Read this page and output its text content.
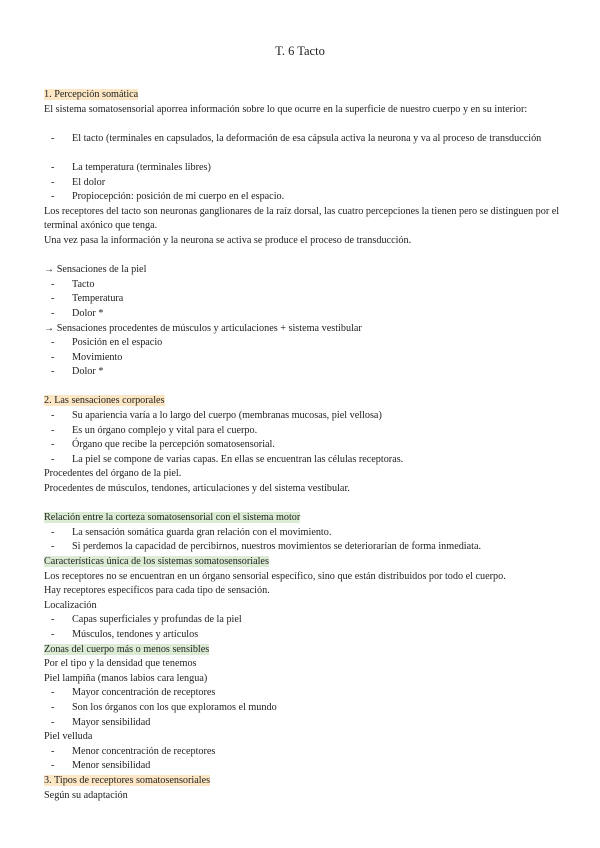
T. 6 Tacto
1. Percepción somática
El sistema somatosensorial aporrea información sobre lo que ocurre en la superficie de nuestro cuerpo y en su interior:
- El tacto (terminales en capsulados, la deformación de esa cápsula activa la neurona y va al proceso de transducción
- La temperatura (terminales libres)
- El dolor
- Propiocepción: posición de mi cuerpo en el espacio.
Los receptores del tacto son neuronas ganglionares de la raíz dorsal, las cuatro percepciones la tienen pero se distinguen por el terminal axónico que tenga.
Una vez pasa la información y la neurona se activa se produce el proceso de transducción.
→ Sensaciones de la piel
- Tacto
- Temperatura
- Dolor *
→ Sensaciones procedentes de músculos y articulaciones + sistema vestibular
- Posición en el espacio
- Movimiento
- Dolor *
2. Las sensaciones corporales
- Su apariencia varía a lo largo del cuerpo (membranas mucosas, piel vellosa)
- Es un órgano complejo y vital para el cuerpo.
- Órgano que recibe la percepción somatosensorial.
- La piel se compone de varias capas. En ellas se encuentran las células receptoras.
Procedentes del órgano de la piel.
Procedentes de músculos, tendones, articulaciones y del sistema vestibular.
Relación entre la corteza somatosensorial con el sistema motor
- La sensación somática guarda gran relación con el movimiento.
- Si perdemos la capacidad de percibirnos, nuestros movimientos se deteriorarían de forma inmediata.
Características única de los sistemas somatosensoriales
Los receptores no se encuentran en un órgano sensorial específico, sino que están distribuidos por todo el cuerpo.
Hay receptores específicos para cada tipo de sensación.
Localización
- Capas superficiales y profundas de la piel
- Músculos, tendones y artículos
Zonas del cuerpo más o menos sensibles
Por el tipo y la densidad que tenemos
Piel lampiña (manos labios cara lengua)
- Mayor concentración de receptores
- Son los órganos con los que exploramos el mundo
- Mayor sensibilidad
Piel velluda
- Menor concentración de receptores
- Menor sensibilidad
3. Tipos de receptores somatosensoriales
Según su adaptación
